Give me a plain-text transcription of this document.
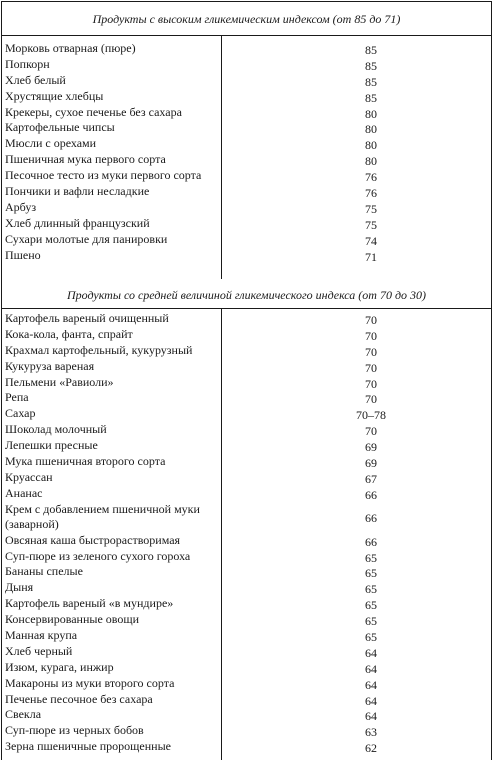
Продукты с высоким гликемическим индексом (от 85 до 71)
Морковь отварная (пюре)	85
Попкорн	85
Хлеб белый	85
Хрустящие хлебцы	85
Крекеры, сухое печенье без сахара	80
Картофельные чипсы	80
Мюсли с орехами	80
Пшеничная мука первого сорта	80
Песочное тесто из муки первого сорта	76
Пончики и вафли несладкие	76
Арбуз	75
Хлеб длинный французский	75
Сухари молотые для панировки	74
Пшено	71
Продукты со средней величиной гликемического индекса (от 70 до 30)
Картофель вареный очищенный	70
Кока-кола, фанта, спрайт	70
Крахмал картофельный, кукурузный	70
Кукуруза вареная	70
Пельмени «Равиоли»	70
Репа	70
Сахар	70–78
Шоколад молочный	70
Лепешки пресные	69
Мука пшеничная второго сорта	69
Круассан	67
Ананас	66
Крем с добавлением пшеничной муки (заварной)	66
Овсяная каша быстрорастворимая	66
Суп-пюре из зеленого сухого гороха	65
Бананы спелые	65
Дыня	65
Картофель вареный «в мундире»	65
Консервированные овощи	65
Манная крупа	65
Хлеб черный	64
Изюм, курага, инжир	64
Макароны из муки второго сорта	64
Печенье песочное без сахара	64
Свекла	64
Суп-пюре из черных бобов	63
Зерна пшеничные пророщенные	62
